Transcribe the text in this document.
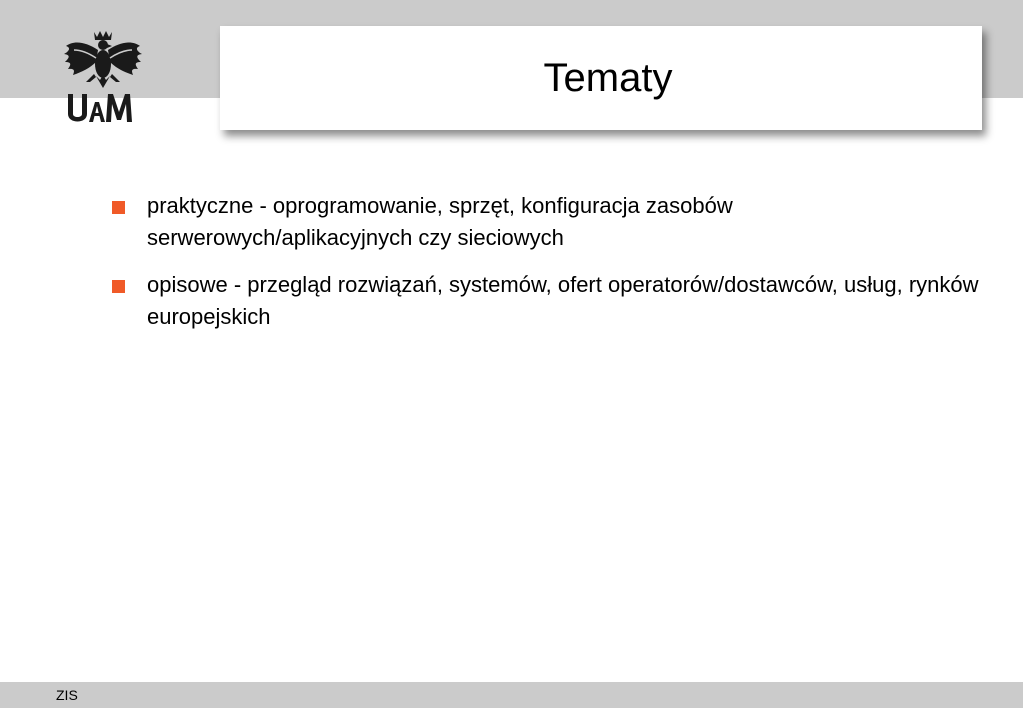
Tematy
praktyczne - oprogramowanie, sprzęt, konfiguracja zasobów serwerowych/aplikacyjnych czy sieciowych
opisowe - przegląd rozwiązań, systemów, ofert operatorów/dostawców, usług, rynków europejskich
ZIS
